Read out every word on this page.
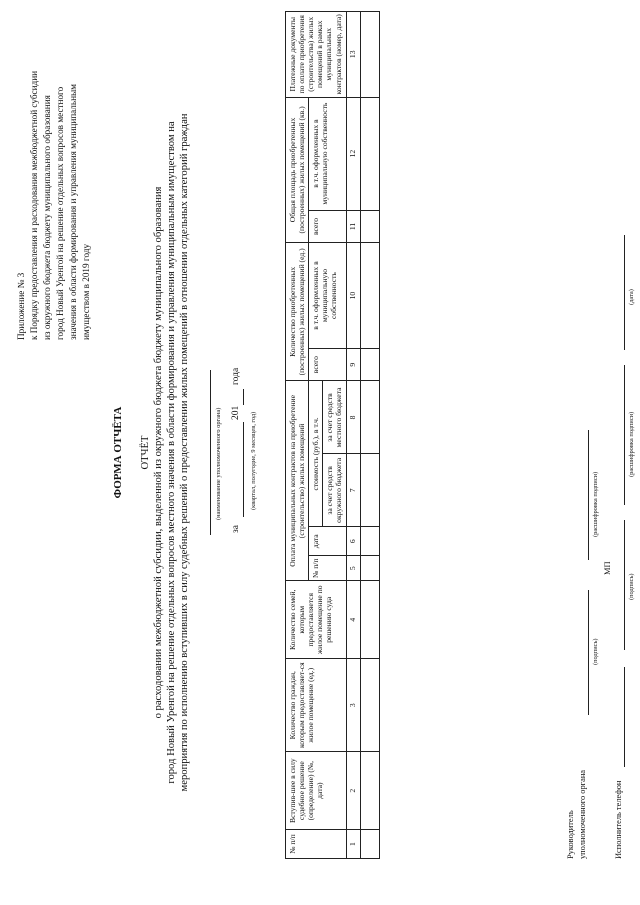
Приложение № 3 к Порядку предоставления и расходования межбюджетной субсидии из окружного бюджета бюджету муниципального образования город Новый Уренгой на решение отдельных вопросов местного значения в области формирования и управления муниципальным имуществом в 2019 году
ФОРМА ОТЧЁТА ОТЧЁТ о расходовании межбюджетной субсидии, выделенной из окружного бюджета бюджету муниципального образования город Новый Уренгой на решение отдельных вопросов местного значения в области формирования и управления муниципальным имуществом на мероприятия по исполнению вступивших в силу судебных решений о предоставлении жилых помещений в отношении отдельных категорий граждан	(наименование уполномоченного органа)
за
201
года
(квартал, полугодие, 9 месяцев, год)
№ п/п	Вступив-шее в силу судебное решение (определение) (№, дата)	Количество граждан, которым предоставляет-ся жилое помещение (ед.)	Количество семей, которым предоставляется жилое помещение по решению суда	Оплата муниципальных контрактов на приобретение (строительство) жилых помещений				Количество приобретенных (построенных) жилых помещений (ед.)		Общая площадь приобретенных (построенных) жилых помещений (кв.)		Платежные документы по оплате приобретения (строительства) жилых помещений в рамках муниципальных контрактов (номер, дата)
				№ п/п	дата	стоимость (руб.), в т.ч.		всего	в т.ч. оформленных в муниципальную собственность	всего	в т.ч. оформленных в муниципальную собственность	
						за счет средств окружного бюджета	за счет средств местного бюджета					
1	2	3	4	5	6	7	8	9	10	11	12	13

Руководитель уполномоченного органа
(подпись)
(расшифровка подписи)
МП
Исполнитель телефон
(подпись)
(расшифровка подписи)
(дата)
